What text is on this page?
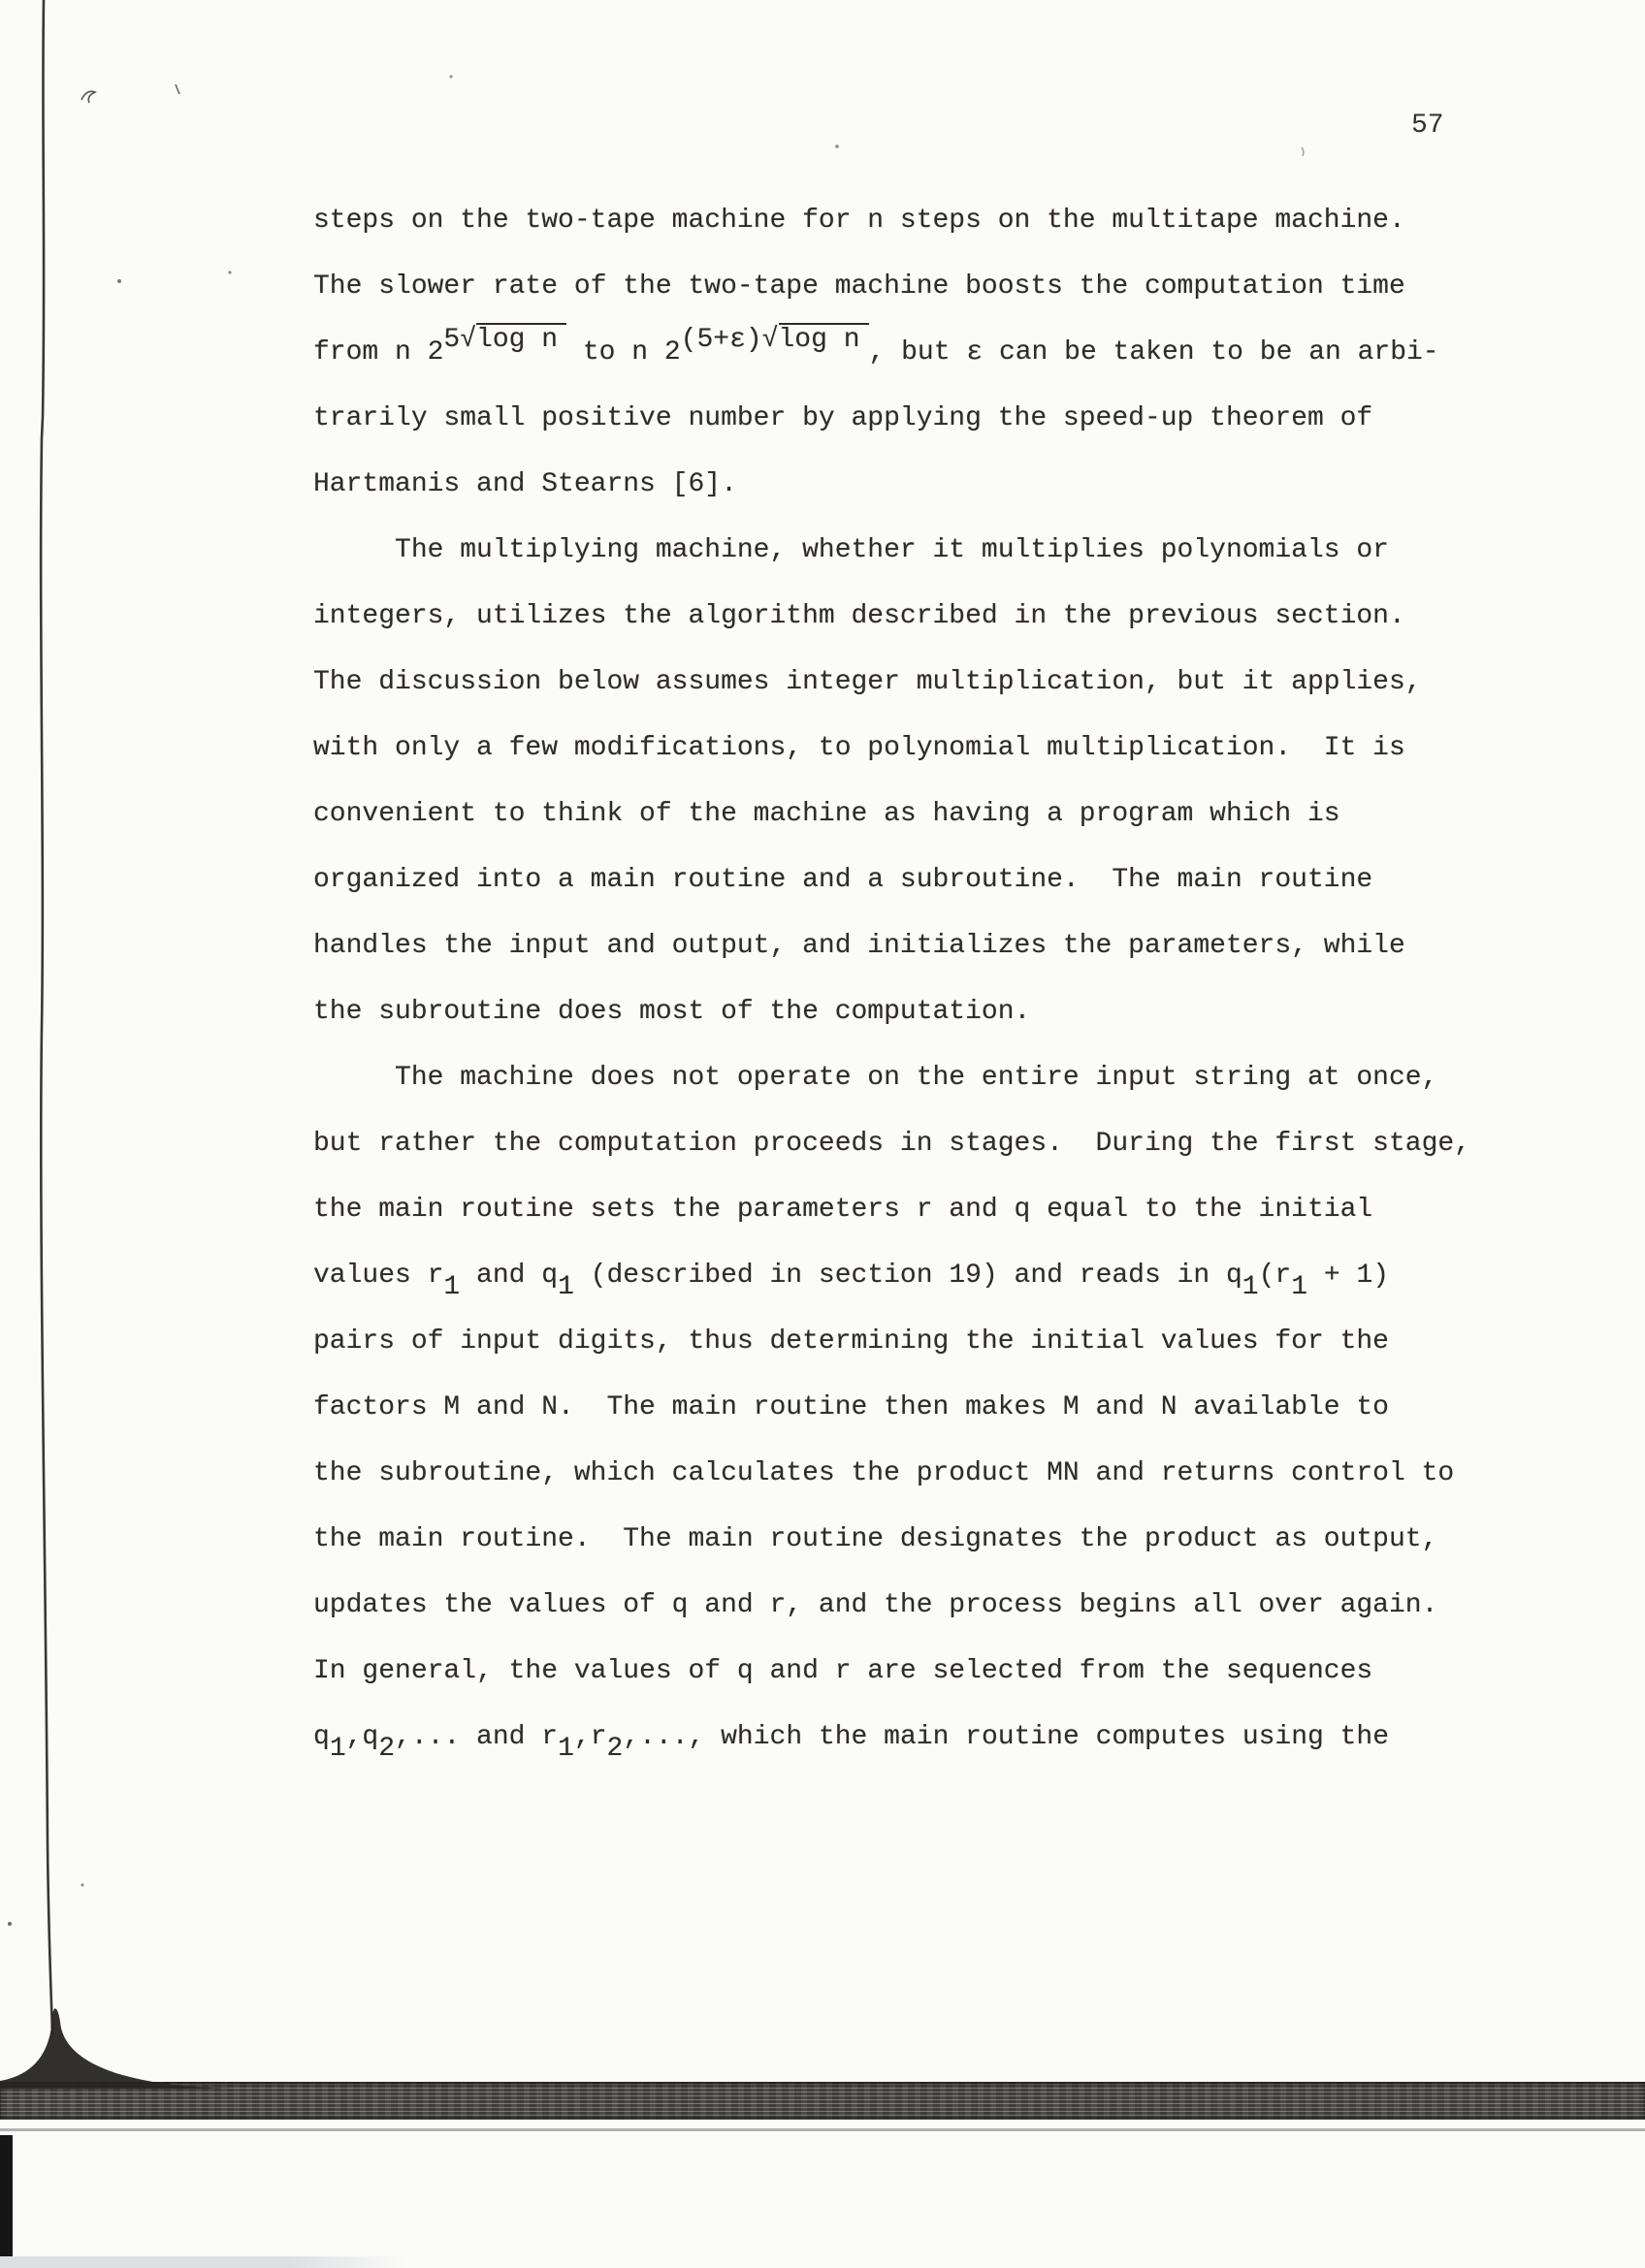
57
steps on the two-tape machine for n steps on the multitape machine.
The slower rate of the two-tape machine boosts the computation time
from n 25√log n to n 2(5+ε)√log n , but ε can be taken to be an arbi-
trarily small positive number by applying the speed-up theorem of
Hartmanis and Stearns [6].
The multiplying machine, whether it multiplies polynomials or
integers, utilizes the algorithm described in the previous section.
The discussion below assumes integer multiplication, but it applies,
with only a few modifications, to polynomial multiplication.  It is
convenient to think of the machine as having a program which is
organized into a main routine and a subroutine.  The main routine
handles the input and output, and initializes the parameters, while
the subroutine does most of the computation.
The machine does not operate on the entire input string at once,
but rather the computation proceeds in stages.  During the first stage,
the main routine sets the parameters r and q equal to the initial
values r1 and q1 (described in section 19) and reads in q1(r1 + 1)
pairs of input digits, thus determining the initial values for the
factors M and N.  The main routine then makes M and N available to
the subroutine, which calculates the product MN and returns control to
the main routine.  The main routine designates the product as output,
updates the values of q and r, and the process begins all over again.
In general, the values of q and r are selected from the sequences
q1,q2,... and r1,r2,..., which the main routine computes using the
